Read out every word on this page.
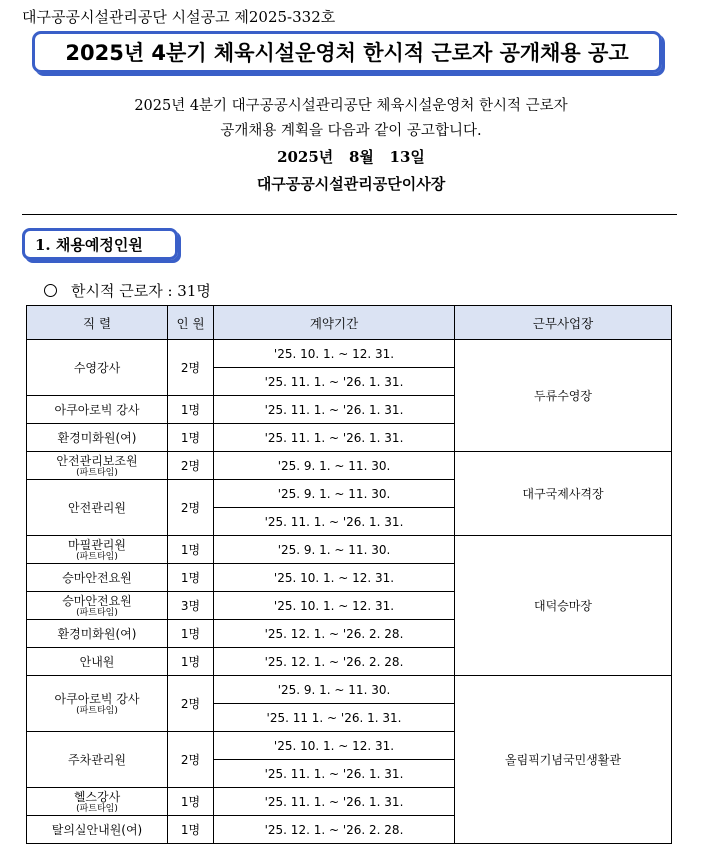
대구공공시설관리공단 시설공고 제2025-332호
2025년 4분기 체육시설운영처 한시적 근로자 공개채용 공고
2025년 4분기 대구공공시설관리공단 체육시설운영처 한시적 근로자
공개채용 계획을 다음과 같이 공고합니다.
2025년   8월   13일
대구공공시설관리공단이사장
1. 채용예정인원
한시적 근로자 : 31명
직 렬	인 원	계약기간	근무사업장

수영강사	2명	'25. 10. 1. ~ 12. 31.	두류수영장
		'25. 11. 1. ~ '26. 1. 31.	

아쿠아로빅 강사	1명	'25. 11. 1. ~ '26. 1. 31.	

환경미화원(여)	1명	'25. 11. 1. ~ '26. 1. 31.	

안전관리보조원
(파트타임)	2명	'25. 9. 1. ~ 11. 30.	대구국제사격장

안전관리원	2명	'25. 9. 1. ~ 11. 30.	
		'25. 11. 1. ~ '26. 1. 31.	

마필관리원
(파트타임)	1명	'25. 9. 1. ~ 11. 30.	대덕승마장

승마안전요원	1명	'25. 10. 1. ~ 12. 31.	

승마안전요원
(파트타임)	3명	'25. 10. 1. ~ 12. 31.	

환경미화원(여)	1명	'25. 12. 1. ~ '26. 2. 28.	

안내원	1명	'25. 12. 1. ~ '26. 2. 28.	

아쿠아로빅 강사
(파트타임)	2명	'25. 9. 1. ~ 11. 30.	올림픽기념국민생활관
		'25. 11 1. ~ '26. 1. 31.	

주차관리원	2명	'25. 10. 1. ~ 12. 31.	
		'25. 11. 1. ~ '26. 1. 31.	

헬스강사
(파트타임)	1명	'25. 11. 1. ~ '26. 1. 31.	

탈의실안내원(여)	1명	'25. 12. 1. ~ '26. 2. 28.	
